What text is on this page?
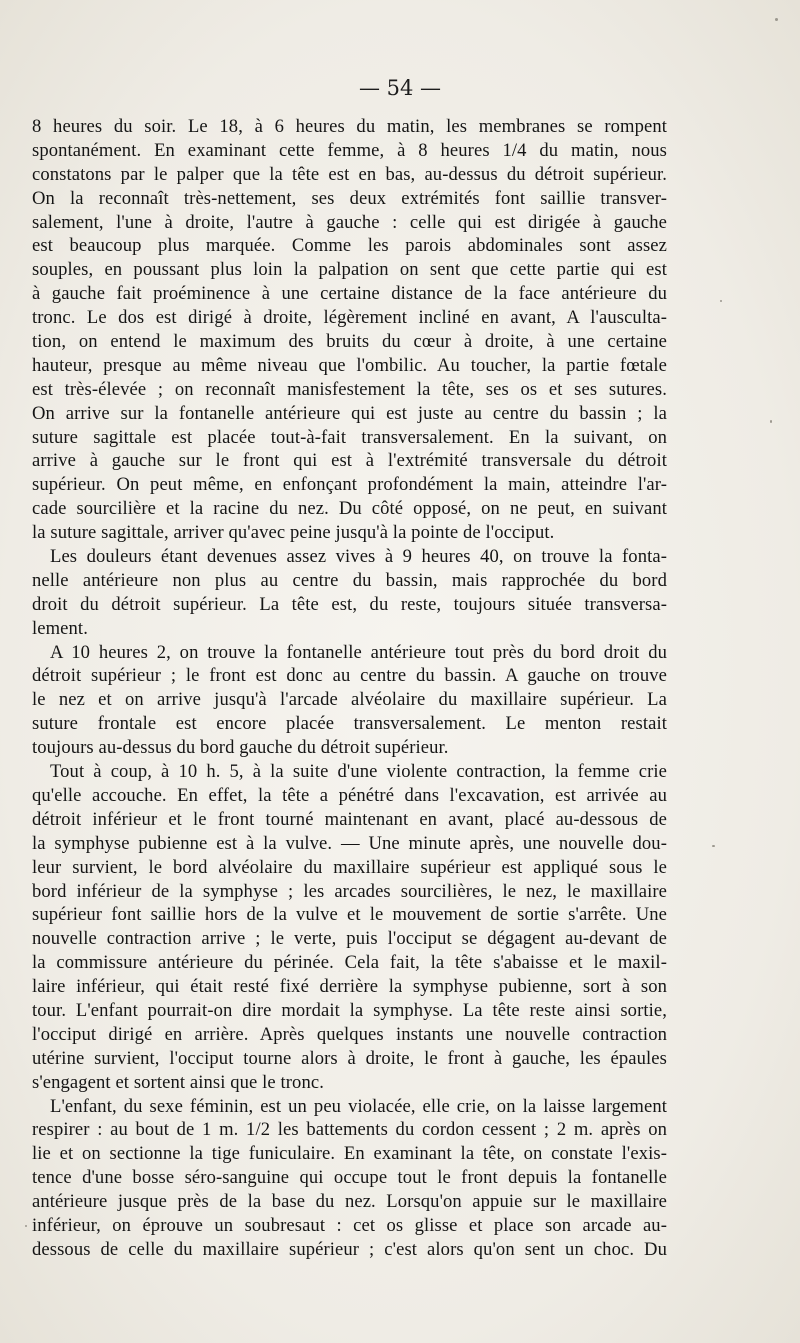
— 54 —
8 heures du soir. Le 18, à 6 heures du matin, les membranes se rompent
spontanément. En examinant cette femme, à 8 heures 1/4 du matin, nous
constatons par le palper que la tête est en bas, au-dessus du détroit supérieur.
On la reconnaît très-nettement, ses deux extrémités font saillie transver-
salement, l'une à droite, l'autre à gauche : celle qui est dirigée à gauche
est beaucoup plus marquée. Comme les parois abdominales sont assez
souples, en poussant plus loin la palpation on sent que cette partie qui est
à gauche fait proéminence à une certaine distance de la face antérieure du
tronc. Le dos est dirigé à droite, légèrement incliné en avant, A l'ausculta-
tion, on entend le maximum des bruits du cœur à droite, à une certaine
hauteur, presque au même niveau que l'ombilic. Au toucher, la partie fœtale
est très-élevée ; on reconnaît manisfestement la tête, ses os et ses sutures.
On arrive sur la fontanelle antérieure qui est juste au centre du bassin ; la
suture sagittale est placée tout-à-fait transversalement. En la suivant, on
arrive à gauche sur le front qui est à l'extrémité transversale du détroit
supérieur. On peut même, en enfonçant profondément la main, atteindre l'ar-
cade sourcilière et la racine du nez. Du côté opposé, on ne peut, en suivant
la suture sagittale, arriver qu'avec peine jusqu'à la pointe de l'occiput.
Les douleurs étant devenues assez vives à 9 heures 40, on trouve la fonta-
nelle antérieure non plus au centre du bassin, mais rapprochée du bord
droit du détroit supérieur. La tête est, du reste, toujours située transversa-
lement.
A 10 heures 2, on trouve la fontanelle antérieure tout près du bord droit du
détroit supérieur ; le front est donc au centre du bassin. A gauche on trouve
le nez et on arrive jusqu'à l'arcade alvéolaire du maxillaire supérieur. La
suture frontale est encore placée transversalement. Le menton restait
toujours au-dessus du bord gauche du détroit supérieur.
Tout à coup, à 10 h. 5, à la suite d'une violente contraction, la femme crie
qu'elle accouche. En effet, la tête a pénétré dans l'excavation, est arrivée au
détroit inférieur et le front tourné maintenant en avant, placé au-dessous de
la symphyse pubienne est à la vulve. — Une minute après, une nouvelle dou-
leur survient, le bord alvéolaire du maxillaire supérieur est appliqué sous le
bord inférieur de la symphyse ; les arcades sourcilières, le nez, le maxillaire
supérieur font saillie hors de la vulve et le mouvement de sortie s'arrête. Une
nouvelle contraction arrive ; le verte, puis l'occiput se dégagent au-devant de
la commissure antérieure du périnée. Cela fait, la tête s'abaisse et le maxil-
laire inférieur, qui était resté fixé derrière la symphyse pubienne, sort à son
tour. L'enfant pourrait-on dire mordait la symphyse. La tête reste ainsi sortie,
l'occiput dirigé en arrière. Après quelques instants une nouvelle contraction
utérine survient, l'occiput tourne alors à droite, le front à gauche, les épaules
s'engagent et sortent ainsi que le tronc.
L'enfant, du sexe féminin, est un peu violacée, elle crie, on la laisse largement
respirer : au bout de 1 m. 1/2 les battements du cordon cessent ; 2 m. après on
lie et on sectionne la tige funiculaire. En examinant la tête, on constate l'exis-
tence d'une bosse séro-sanguine qui occupe tout le front depuis la fontanelle
antérieure jusque près de la base du nez. Lorsqu'on appuie sur le maxillaire
inférieur, on éprouve un soubresaut : cet os glisse et place son arcade au-
dessous de celle du maxillaire supérieur ; c'est alors qu'on sent un choc. Du
